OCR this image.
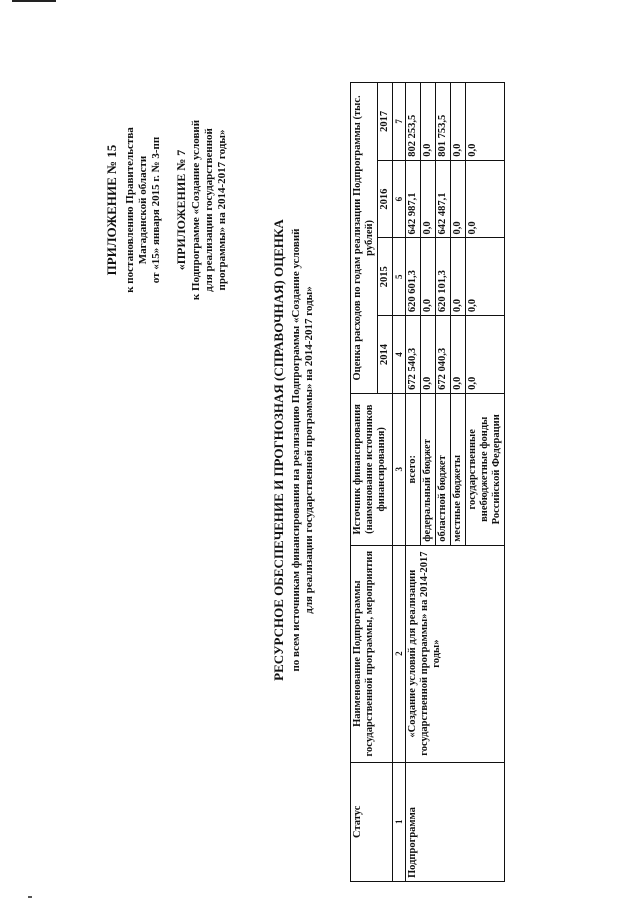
ПРИЛОЖЕНИЕ № 15 к постановлению Правительства Магаданской области от «15» января 2015 г. № 3-пп «ПРИЛОЖЕНИЕ № 7 к Подпрограмме «Создание условий для реализации государственной программы» на 2014-2017 годы»
РЕСУРСНОЕ ОБЕСПЕЧЕНИЕ И ПРОГНОЗНАЯ (СПРАВОЧНАЯ) ОЦЕНКА по всем источникам финансирования на реализацию Подпрограммы «Создание условий для реализации государственной программы» на 2014-2017 годы»
Статус	Наименование Подпрограммы государственной программы, мероприятия	Источник финансирования (наименование источников финансирования)	Оценка расходов по годам реализации Подпрограммы (тыс. рублей)			
			2014	2015	2016	2017
1	2	3	4	5	6	7
Подпрограмма	«Создание условий для реализации государственной программы» на 2014-2017 годы»	всего:	672 540,3	620 601,3	642 987,1	802 253,5
		федеральный бюджет	0,0	0,0	0,0	0,0
		областной бюджет	672 040,3	620 101,3	642 487,1	801 753,5
		местные бюджеты	0,0	0,0	0,0	0,0
		государственные внебюджетные фонды Российской Федерации	0,0	0,0	0,0	0,0
